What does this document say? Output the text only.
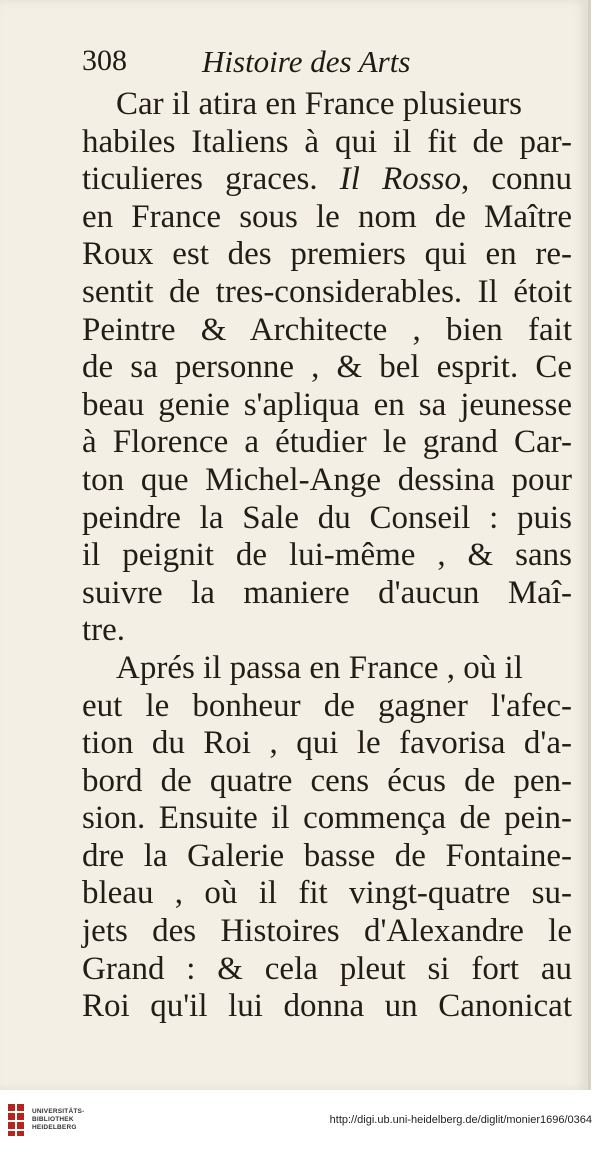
308 Histoire des Arts
Car il atira en France plusieurs
habiles Italiens à qui il fit de par-
ticulieres graces. Il Rosso, connu
en France sous le nom de Maître
Roux est des premiers qui en re-
sentit de tres-considerables. Il étoit
Peintre & Architecte , bien fait
de sa personne , & bel esprit. Ce
beau genie s'apliqua en sa jeunesse
à Florence a étudier le grand Car-
ton que Michel-Ange dessina pour
peindre la Sale du Conseil : puis
il peignit de lui-même , & sans
suivre la maniere d'aucun Maî-
tre.
Aprés il passa en France , où il
eut le bonheur de gagner l'afec-
tion du Roi , qui le favorisa d'a-
bord de quatre cens écus de pen-
sion. Ensuite il commença de pein-
dre la Galerie basse de Fontaine-
bleau , où il fit vingt-quatre su-
jets des Histoires d'Alexandre le
Grand : & cela pleut si fort au
Roi qu'il lui donna un Canonicat
UNIVERSITÄTS-
BIBLIOTHEK
HEIDELBERG
http://digi.ub.uni-heidelberg.de/diglit/monier1696/0364
